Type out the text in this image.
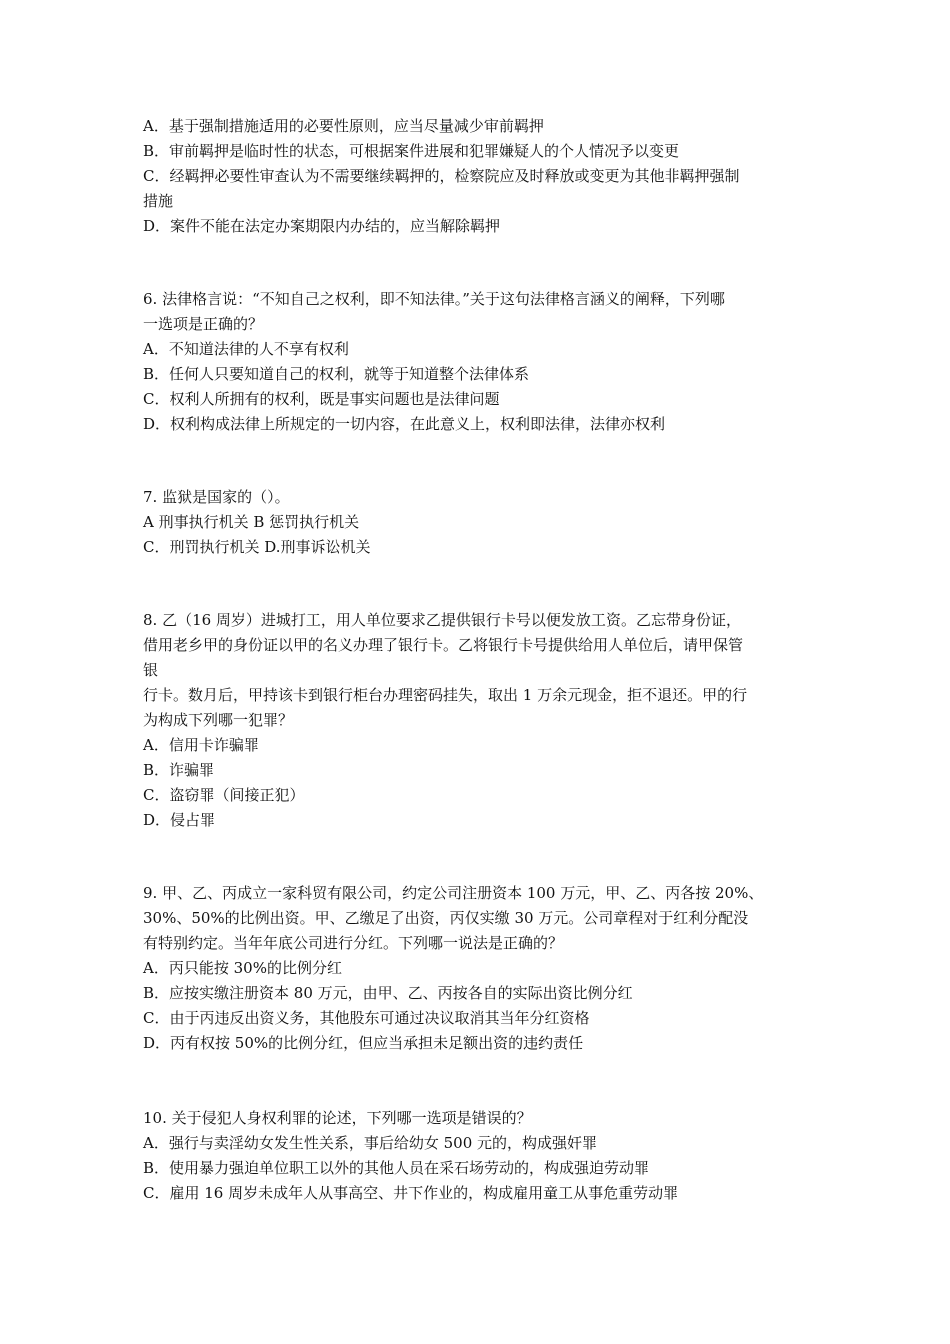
A．基于强制措施适用的必要性原则，应当尽量减少审前羁押
B．审前羁押是临时性的状态，可根据案件进展和犯罪嫌疑人的个人情况予以变更
C．经羁押必要性审查认为不需要继续羁押的，检察院应及时释放或变更为其他非羁押强制
措施
D．案件不能在法定办案期限内办结的，应当解除羁押
6. 法律格言说：“不知自己之权利，即不知法律。”关于这句法律格言涵义的阐释，下列哪
一选项是正确的？
A．不知道法律的人不享有权利
B．任何人只要知道自己的权利，就等于知道整个法律体系
C．权利人所拥有的权利，既是事实问题也是法律问题
D．权利构成法律上所规定的一切内容，在此意义上，权利即法律，法律亦权利
7. 监狱是国家的（）。
A 刑事执行机关 B 惩罚执行机关
C．刑罚执行机关 D.刑事诉讼机关
8. 乙（16 周岁）进城打工，用人单位要求乙提供银行卡号以便发放工资。乙忘带身份证，
借用老乡甲的身份证以甲的名义办理了银行卡。乙将银行卡号提供给用人单位后，请甲保管
银
行卡。数月后，甲持该卡到银行柜台办理密码挂失，取出 1 万余元现金，拒不退还。甲的行
为构成下列哪一犯罪？
A．信用卡诈骗罪
B．诈骗罪
C．盗窃罪（间接正犯）
D．侵占罪
9. 甲、乙、丙成立一家科贸有限公司，约定公司注册资本 100 万元，甲、乙、丙各按 20%、
30%、50%的比例出资。甲、乙缴足了出资，丙仅实缴 30 万元。公司章程对于红利分配没
有特别约定。当年年底公司进行分红。下列哪一说法是正确的？
A．丙只能按 30%的比例分红
B．应按实缴注册资本 80 万元，由甲、乙、丙按各自的实际出资比例分红
C．由于丙违反出资义务，其他股东可通过决议取消其当年分红资格
D．丙有权按 50%的比例分红，但应当承担未足额出资的违约责任
10. 关于侵犯人身权利罪的论述，下列哪一选项是错误的？
A．强行与卖淫幼女发生性关系，事后给幼女 500 元的，构成强奸罪
B．使用暴力强迫单位职工以外的其他人员在采石场劳动的，构成强迫劳动罪
C．雇用 16 周岁未成年人从事高空、井下作业的，构成雇用童工从事危重劳动罪
